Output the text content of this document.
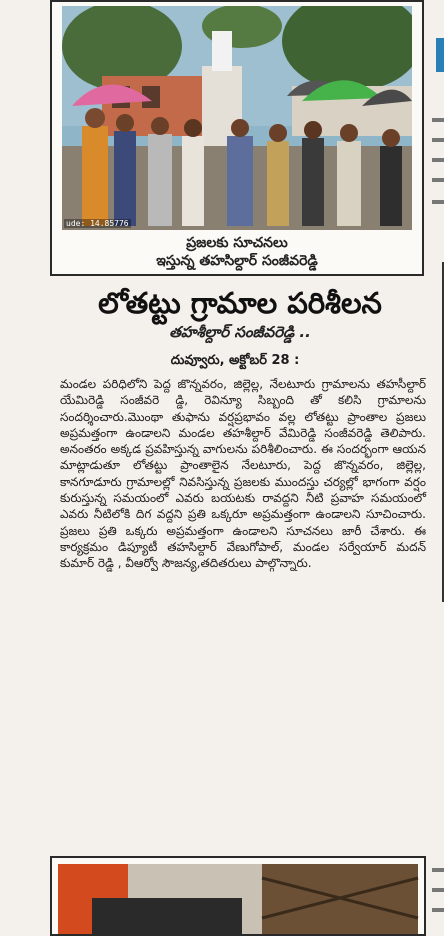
ude: 14.85776
ప్రజలకు సూచనలు
ఇస్తున్న తహసిల్దార్ సంజీవరెడ్డి
లోతట్టు గ్రామాల పరిశీలన
తహశీల్దార్ సంజీవరెడ్డి ..
దువ్వూరు, అక్టోబర్ 28 :
మండల పరిధిలోని పెద్ద జొన్నవరం, జిల్లెల్ల, నేలటూరు గ్రామాలను తహసీల్దార్ యేమిరెడ్డి సంజీవరె డ్డి, రెవిన్యూ సిబ్బంది తో కలిసి గ్రామాలను సందర్శించారు.మొంథా తుఫాను వర్షప్రభావం వల్ల లోతట్టు ప్రాంతాల ప్రజలు అప్రమత్తంగా ఉండాలని మండల తహశీల్దార్ వేమిరెడ్డి సంజీవరెడ్డి తెలిపారు. అనంతరం అక్కడ ప్రవహిస్తున్న వాగులను పరిశీలించారు. ఈ సందర్భంగా ఆయన మాట్లాడుతూ లోతట్టు ప్రాంతాలైన నేలటూరు, పెద్ద జొన్నవరం, జిల్లెల్ల, కానగూడూరు గ్రామాలల్లో నివసిస్తున్న ప్రజలకు ముందస్తు చర్యల్లో భాగంగా వర్షం కురుస్తున్న సమయంలో ఎవరు బయటకు రావద్దని నీటి ప్రవాహ సమయంలో ఎవరు నీటిలోకి దిగ వద్దని ప్రతి ఒక్కరూ అప్రమత్తంగా ఉండాలని సూచించారు. ప్రజలు ప్రతి ఒక్కరు అప్రమత్తంగా ఉండాలని సూచనలు జారీ చేశారు. ఈ కార్యక్రమం డిప్యూటీ తహసిల్దార్ వేణుగోపాల్, మండల సర్వేయార్ మదన్ కుమార్ రెడ్డి , వీఆర్వో సౌజన్య,తదితరులు పాల్గొన్నారు.
